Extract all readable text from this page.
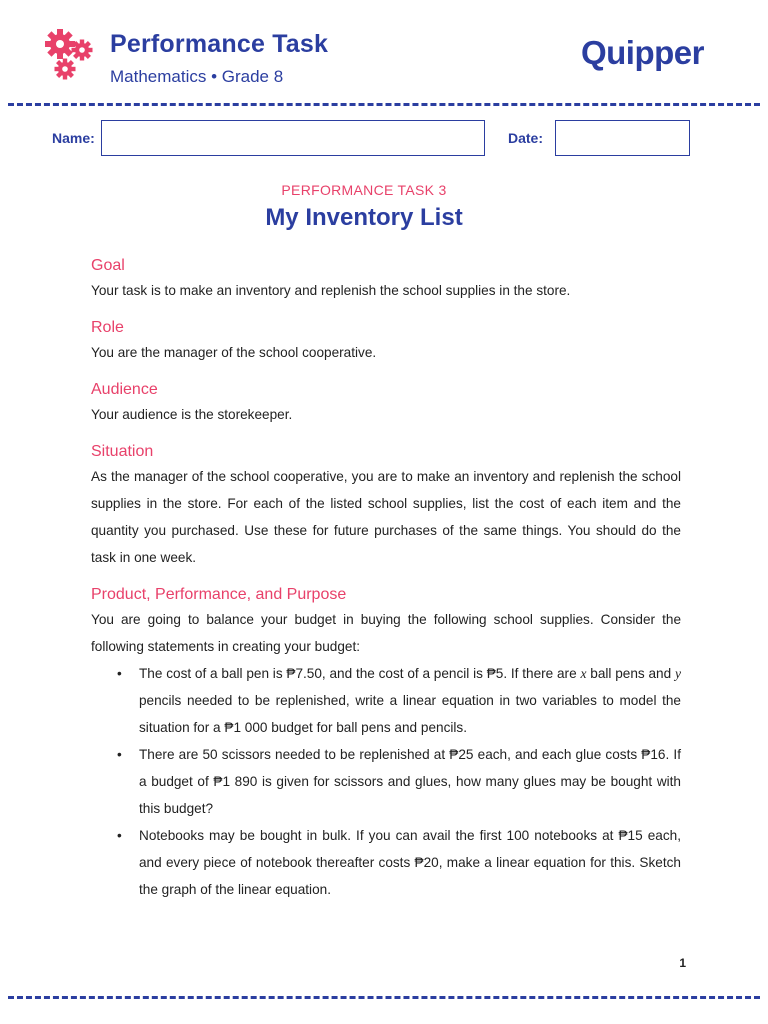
Performance Task
Mathematics • Grade 8
Quipper
Name:	Date:
PERFORMANCE TASK 3
My Inventory List
Goal

Your task is to make an inventory and replenish the school supplies in the store.

Role

You are the manager of the school cooperative.

Audience

Your audience is the storekeeper.

Situation

As the manager of the school cooperative, you are to make an inventory and replenish the school supplies in the store. For each of the listed school supplies, list the cost of each item and the quantity you purchased. Use these for future purchases of the same things. You should do the task in one week.

Product, Performance, and Purpose

You are going to balance your budget in buying the following school supplies. Consider the following statements in creating your budget:

• The cost of a ball pen is ₱7.50, and the cost of a pencil is ₱5. If there are x ball pens and y pencils needed to be replenished, write a linear equation in two variables to model the situation for a ₱1 000 budget for ball pens and pencils.
• There are 50 scissors needed to be replenished at ₱25 each, and each glue costs ₱16. If a budget of ₱1 890 is given for scissors and glues, how many glues may be bought with this budget?
• Notebooks may be bought in bulk. If you can avail the first 100 notebooks at ₱15 each, and every piece of notebook thereafter costs ₱20, make a linear equation for this. Sketch the graph of the linear equation.
1
